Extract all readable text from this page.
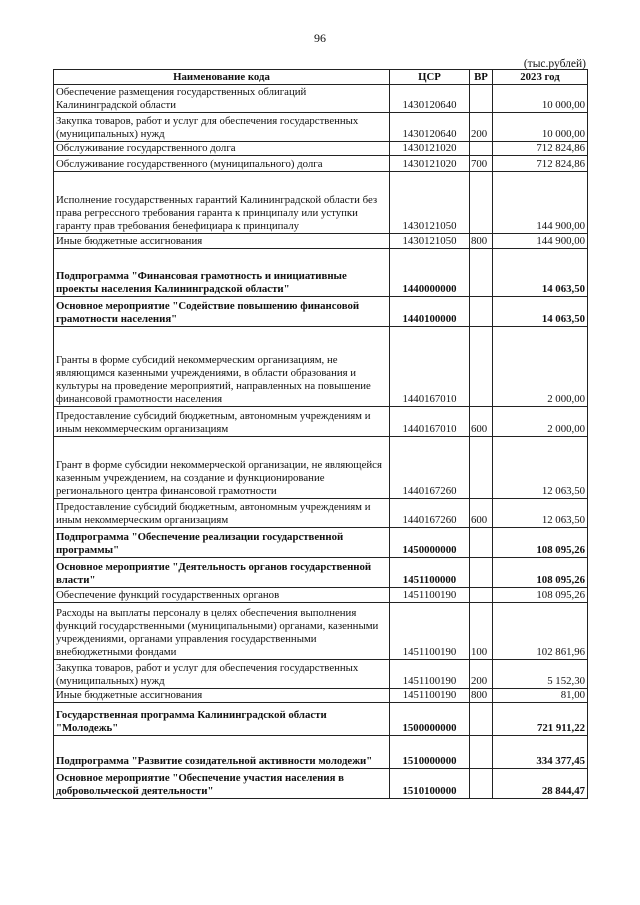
96
(тыс.рублей)
Наименование кода	ЦСР	ВР	2023 год
Обеспечение размещения государственных облигаций Калининградской области	1430120640		10 000,00
Закупка товаров, работ и услуг для обеспечения государственных (муниципальных) нужд	1430120640	200	10 000,00
Обслуживание государственного долга	1430121020		712 824,86
Обслуживание государственного (муниципального) долга	1430121020	700	712 824,86
Исполнение государственных гарантий Калининградской области без права регрессного требования гаранта к принципалу или уступки гаранту прав требования бенефициара к принципалу	1430121050		144 900,00
Иные бюджетные ассигнования	1430121050	800	144 900,00
Подпрограмма "Финансовая грамотность и инициативные проекты населения Калининградской области"	1440000000		14 063,50
Основное мероприятие "Содействие повышению финансовой грамотности населения"	1440100000		14 063,50
Гранты в форме субсидий некоммерческим организациям, не являющимся казенными учреждениями, в области образования и культуры на проведение мероприятий, направленных на повышение финансовой грамотности населения	1440167010		2 000,00
Предоставление субсидий бюджетным, автономным учреждениям и иным некоммерческим организациям	1440167010	600	2 000,00
Грант в форме субсидии некоммерческой организации, не являющейся казенным учреждением, на создание и функционирование регионального центра финансовой грамотности	1440167260		12 063,50
Предоставление субсидий бюджетным, автономным учреждениям и иным некоммерческим организациям	1440167260	600	12 063,50
Подпрограмма "Обеспечение реализации государственной программы"	1450000000		108 095,26
Основное мероприятие "Деятельность органов государственной власти"	1451100000		108 095,26
Обеспечение функций государственных органов	1451100190		108 095,26
Расходы на выплаты персоналу в целях обеспечения выполнения функций государственными (муниципальными) органами, казенными учреждениями, органами управления государственными внебюджетными фондами	1451100190	100	102 861,96
Закупка товаров, работ и услуг для обеспечения государственных (муниципальных) нужд	1451100190	200	5 152,30
Иные бюджетные ассигнования	1451100190	800	81,00
Государственная программа Калининградской области "Молодежь"	1500000000		721 911,22
Подпрограмма "Развитие созидательной активности молодежи"	1510000000		334 377,45
Основное мероприятие "Обеспечение участия населения в добровольческой деятельности"	1510100000		28 844,47
